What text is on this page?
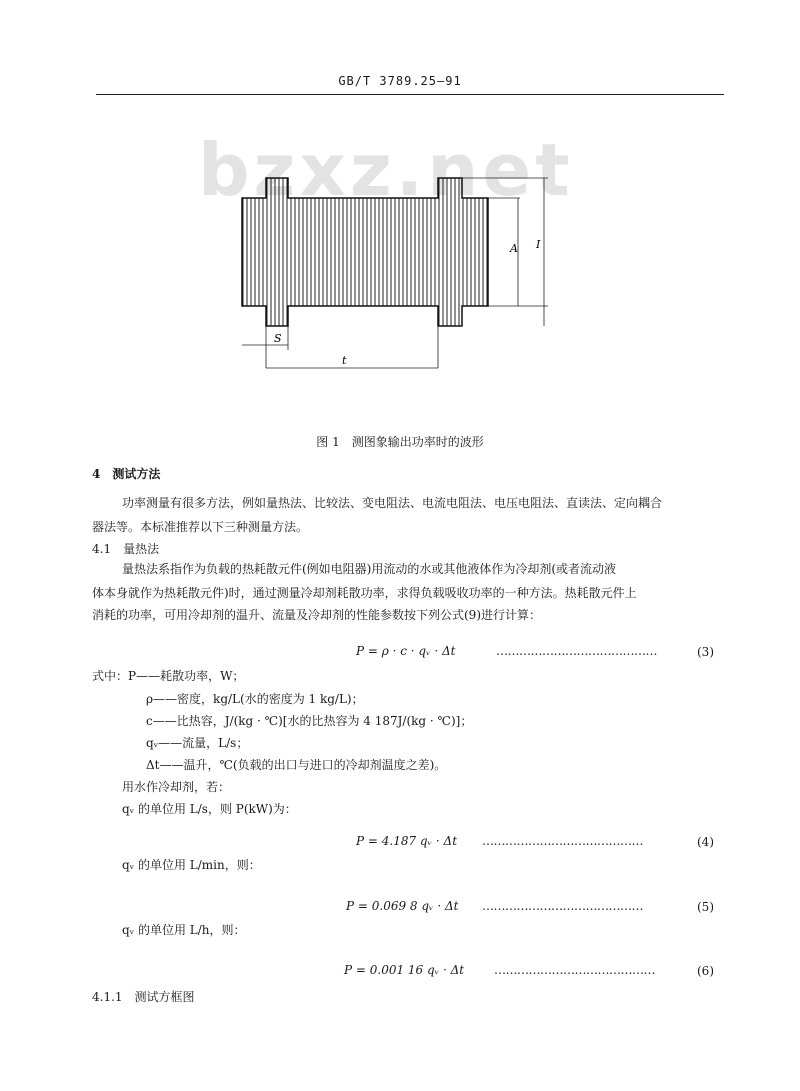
GB/T 3789.25—91
bzxz.net
A I
S
t
图 1　测图象输出功率时的波形
4　测试方法
功率测量有很多方法，例如量热法、比较法、变电阻法、电流电阻法、电压电阻法、直读法、定向耦合
器法等。本标准推荐以下三种测量方法。
4.1　量热法
量热法系指作为负载的热耗散元件(例如电阻器)用流动的水或其他液体作为冷却剂(或者流动液
体本身就作为热耗散元件)时，通过测量冷却剂耗散功率，求得负载吸收功率的一种方法。热耗散元件上
消耗的功率，可用冷却剂的温升、流量及冷却剂的性能参数按下列公式(9)进行计算：
P = ρ · c · qᵥ · Δt	……………………………………	(3)
式中： P——耗散功率，W；
ρ——密度，kg/L(水的密度为 1 kg/L)；
c——比热容，J/(kg · ℃)[水的比热容为 4 187J/(kg · ℃)]；
qᵥ——流量，L/s；
Δt——温升，℃(负载的出口与进口的冷却剂温度之差)。
用水作冷却剂，若：
qᵥ 的单位用 L/s，则 P(kW)为：
P = 4.187 qᵥ · Δt ……………………………………	(4)
qᵥ 的单位用 L/min，则：
P = 0.069 8 qᵥ · Δt ……………………………………	(5)
qᵥ 的单位用 L/h，则：
P = 0.001 16 qᵥ · Δt ……………………………………	(6)
4.1.1　测试方框图
